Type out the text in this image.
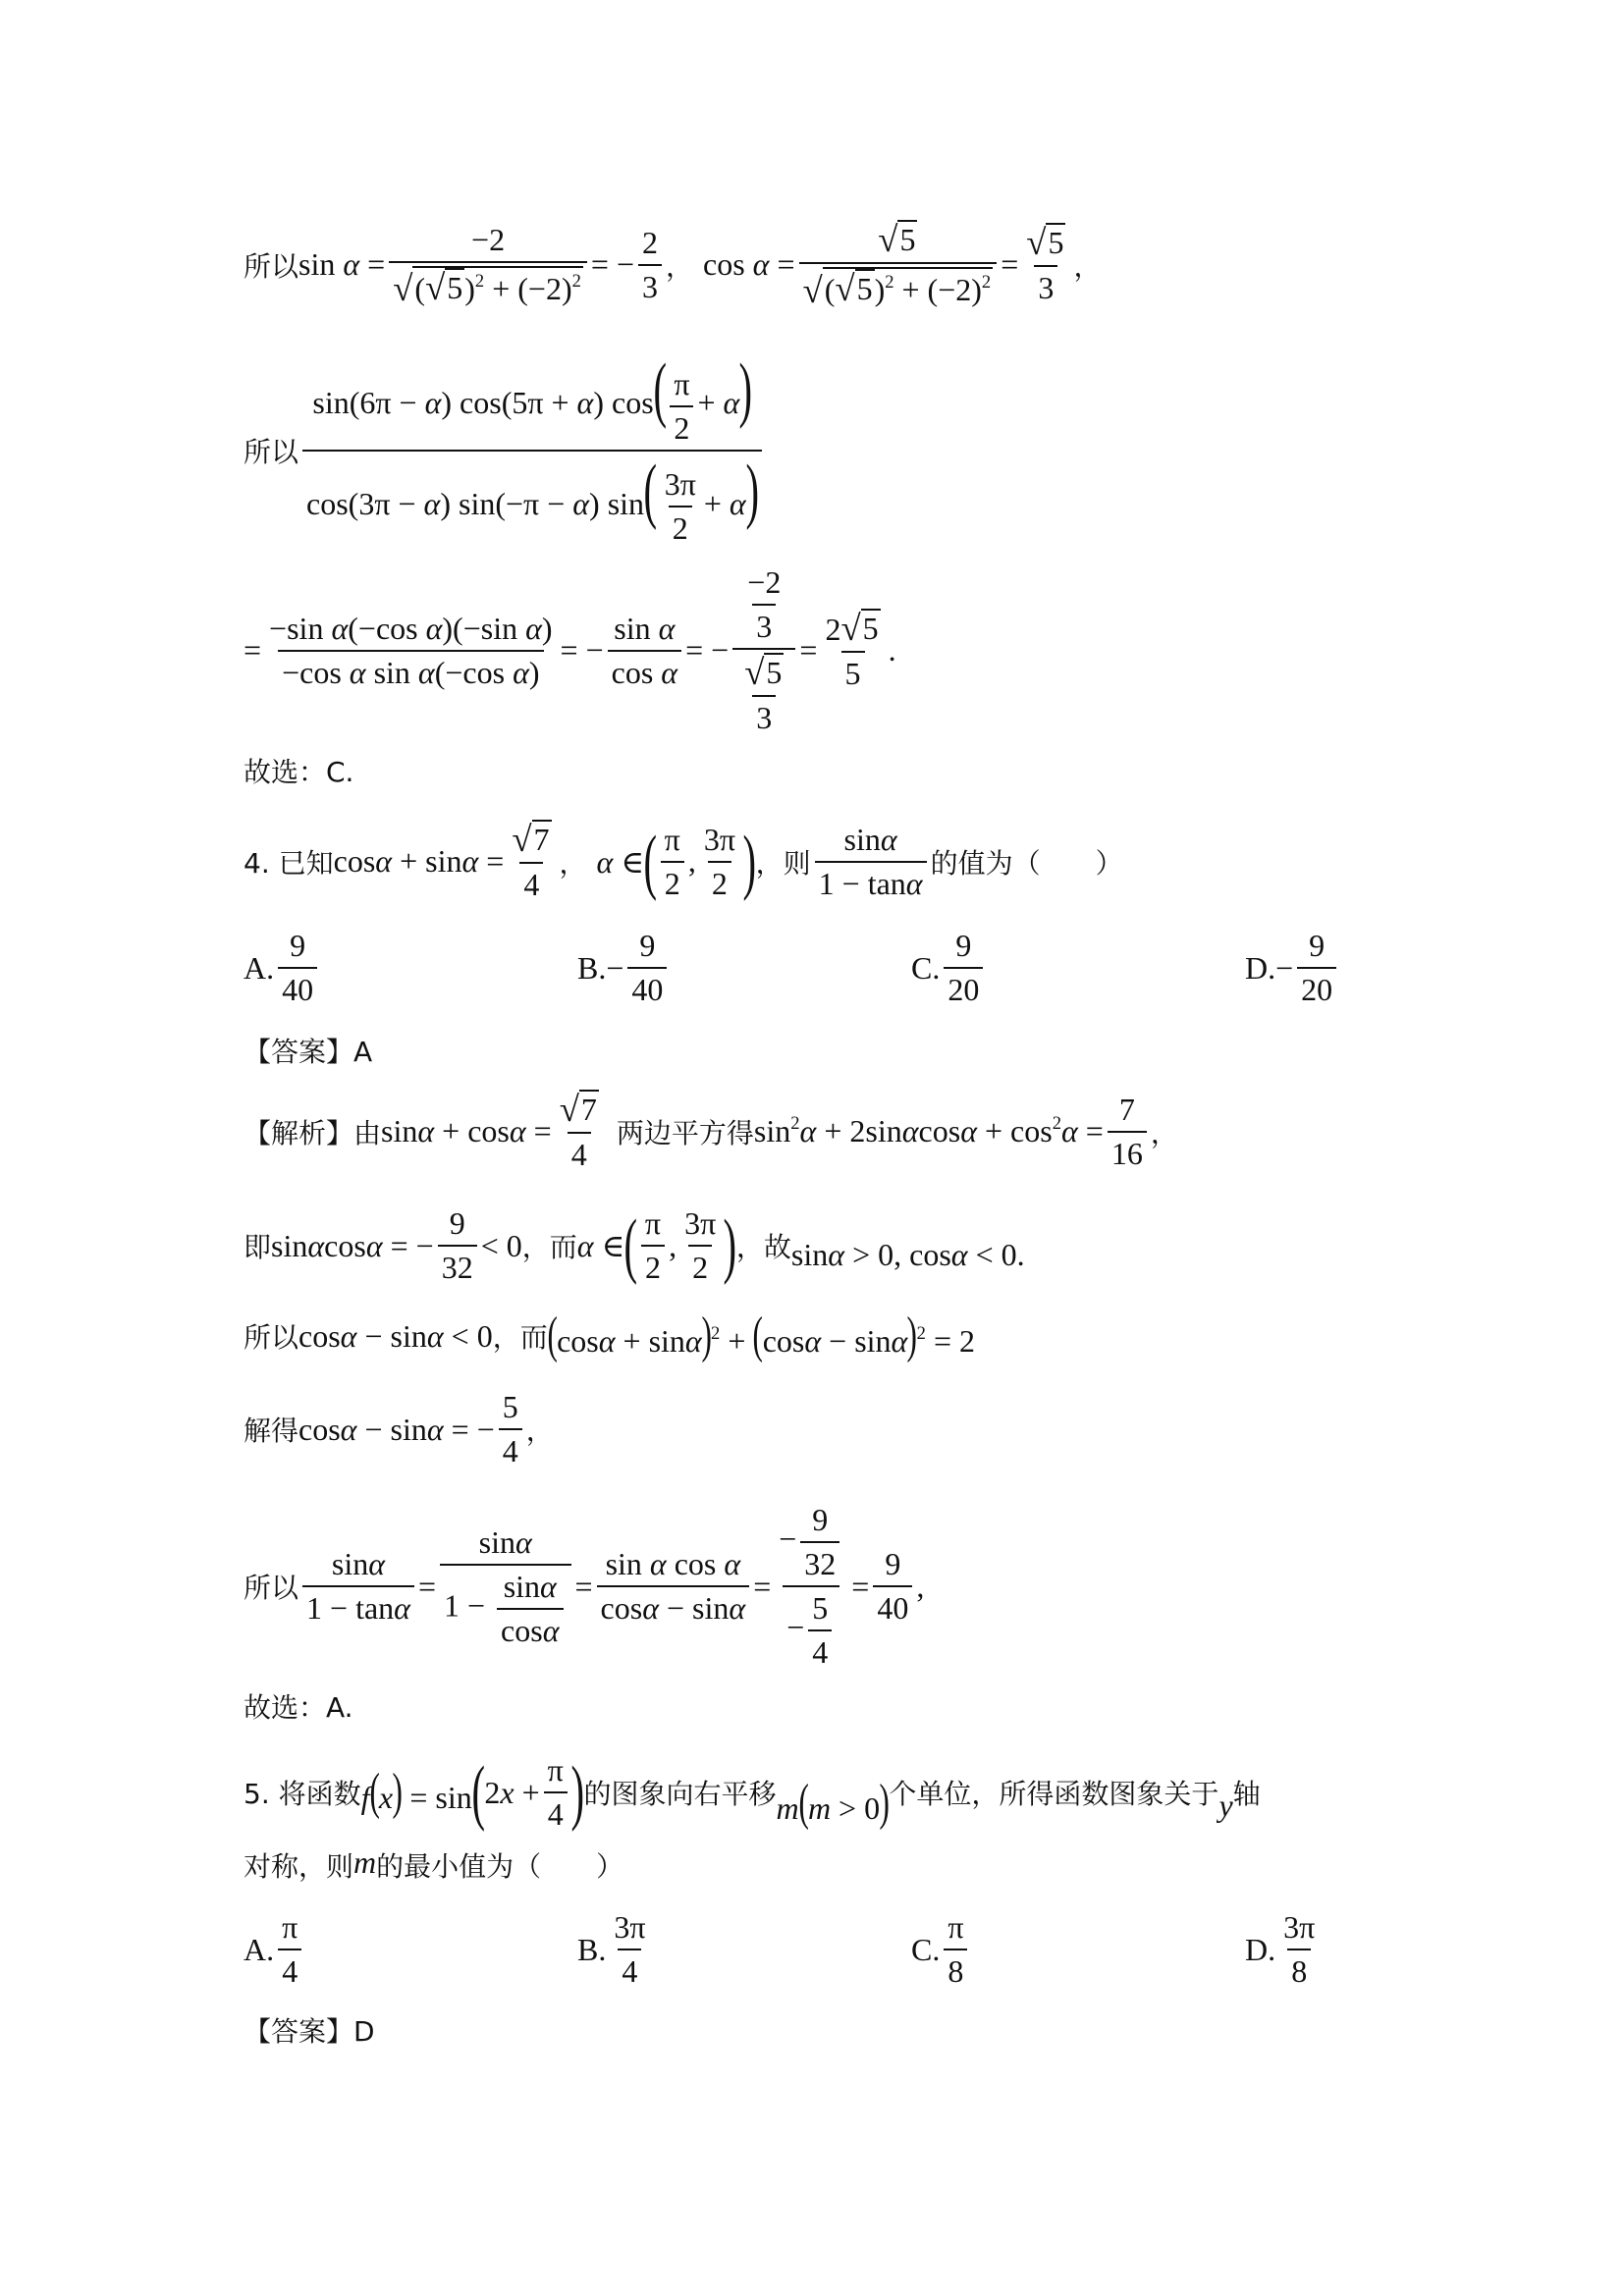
所以 $\sin \alpha = \frac{-2}{√ ( √ 5 )^2 + (-2)^2}$ = − $\frac{2}{3}$ ， $\cos \alpha = \frac{√ 5}{√ ( √ 5 )^2 + (-2)^2} = \frac{√ 5}{3}$ ，
所以 $\frac{\sin(6\pi - \alpha) \cos(5\pi + \alpha) \cos( \frac{\pi}{2} + \alpha)}{\cos(3\pi - \alpha) \sin(-\pi - \alpha) \sin( \frac{3\pi}{2} + \alpha)}$
= $\frac{\text{−sin α(−cos α)(−sin α)}}{\text{−cos α sin α(−cos α)}}$ = − $\frac{\text{sin α}}{\text{cos α}}$ = − $\frac{\frac{-2}{3}}{\frac{√ 5}{3}} = \frac{2 √ 5}{5}$ .
故选：C.
4. 已知 $\cos\alpha + \sin\alpha = \frac{√ 7}{4}$ ， α ∈ ( $\frac{\pi}{2}$ , $\frac{3\pi}{2}$ ) ，则 $\frac{\sin\alpha}{1 - \tan\alpha}$ 的值为（　　）
A. $\frac{9}{40}$	B. − $\frac{9}{40}$	C. $\frac{9}{20}$	D. − $\frac{9}{20}$
【答案】A
【解析】由 $\sin\alpha + \cos\alpha = \frac{√ 7}{4}$ 两边平方得 $\sin^2\alpha + 2\sin\alpha\cos\alpha + \cos^2\alpha = \frac{7}{16}$ ，
即 sinαcosα = − $\frac{9}{32} < 0$ ， 而 α ∈ ( $\frac{\pi}{2}$ , $\frac{3\pi}{2}$ ) ， 故 sinα > 0, cosα < 0.
所以 cosα − sinα < 0 ， 而 $(\cos\alpha + \sin\alpha)^2 + (\cos\alpha - \sin\alpha)^2 = 2$
解得 cosα − sinα = − $\frac{5}{4}$ ，
所以 $\frac{\sin\alpha}{1 - \tan\alpha} = \frac{\sin\alpha}{1 - \frac{\sin\alpha}{\cos\alpha}} = \frac{\text{sin α cos α}}{\cos\alpha - \sin\alpha} = \frac{- \frac{9}{32}}{- \frac{5}{4}} = \frac{9}{40}$ ,
故选：A.
5. 将函数 f(x) = sin ( $2x + \frac{\pi}{4}$ ) 的图象向右平移 m(m > 0) 个单位，所得函数图象关于 y 轴
对称，则 m 的最小值为（　　）
A. $\frac{\pi}{4}$	B. $\frac{3\pi}{4}$	C. $\frac{\pi}{8}$	D. $\frac{3\pi}{8}$
【答案】D
